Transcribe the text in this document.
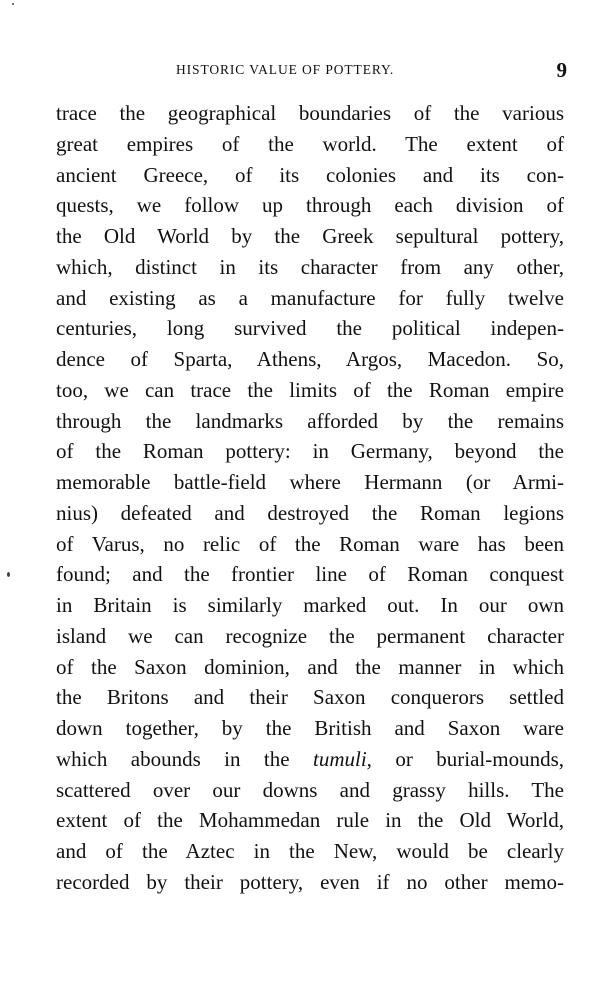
HISTORIC VALUE OF POTTERY.	9
trace the geographical boundaries of the various
great empires of the world. The extent of
ancient Greece, of its colonies and its con-
quests, we follow up through each division of
the Old World by the Greek sepultural pottery,
which, distinct in its character from any other,
and existing as a manufacture for fully twelve
centuries, long survived the political indepen-
dence of Sparta, Athens, Argos, Macedon. So,
too, we can trace the limits of the Roman empire
through the landmarks afforded by the remains
of the Roman pottery: in Germany, beyond the
memorable battle-field where Hermann (or Armi-
nius) defeated and destroyed the Roman legions
of Varus, no relic of the Roman ware has been
found; and the frontier line of Roman conquest
in Britain is similarly marked out. In our own
island we can recognize the permanent character
of the Saxon dominion, and the manner in which
the Britons and their Saxon conquerors settled
down together, by the British and Saxon ware
which abounds in the tumuli, or burial-mounds,
scattered over our downs and grassy hills. The
extent of the Mohammedan rule in the Old World,
and of the Aztec in the New, would be clearly
recorded by their pottery, even if no other memo-
